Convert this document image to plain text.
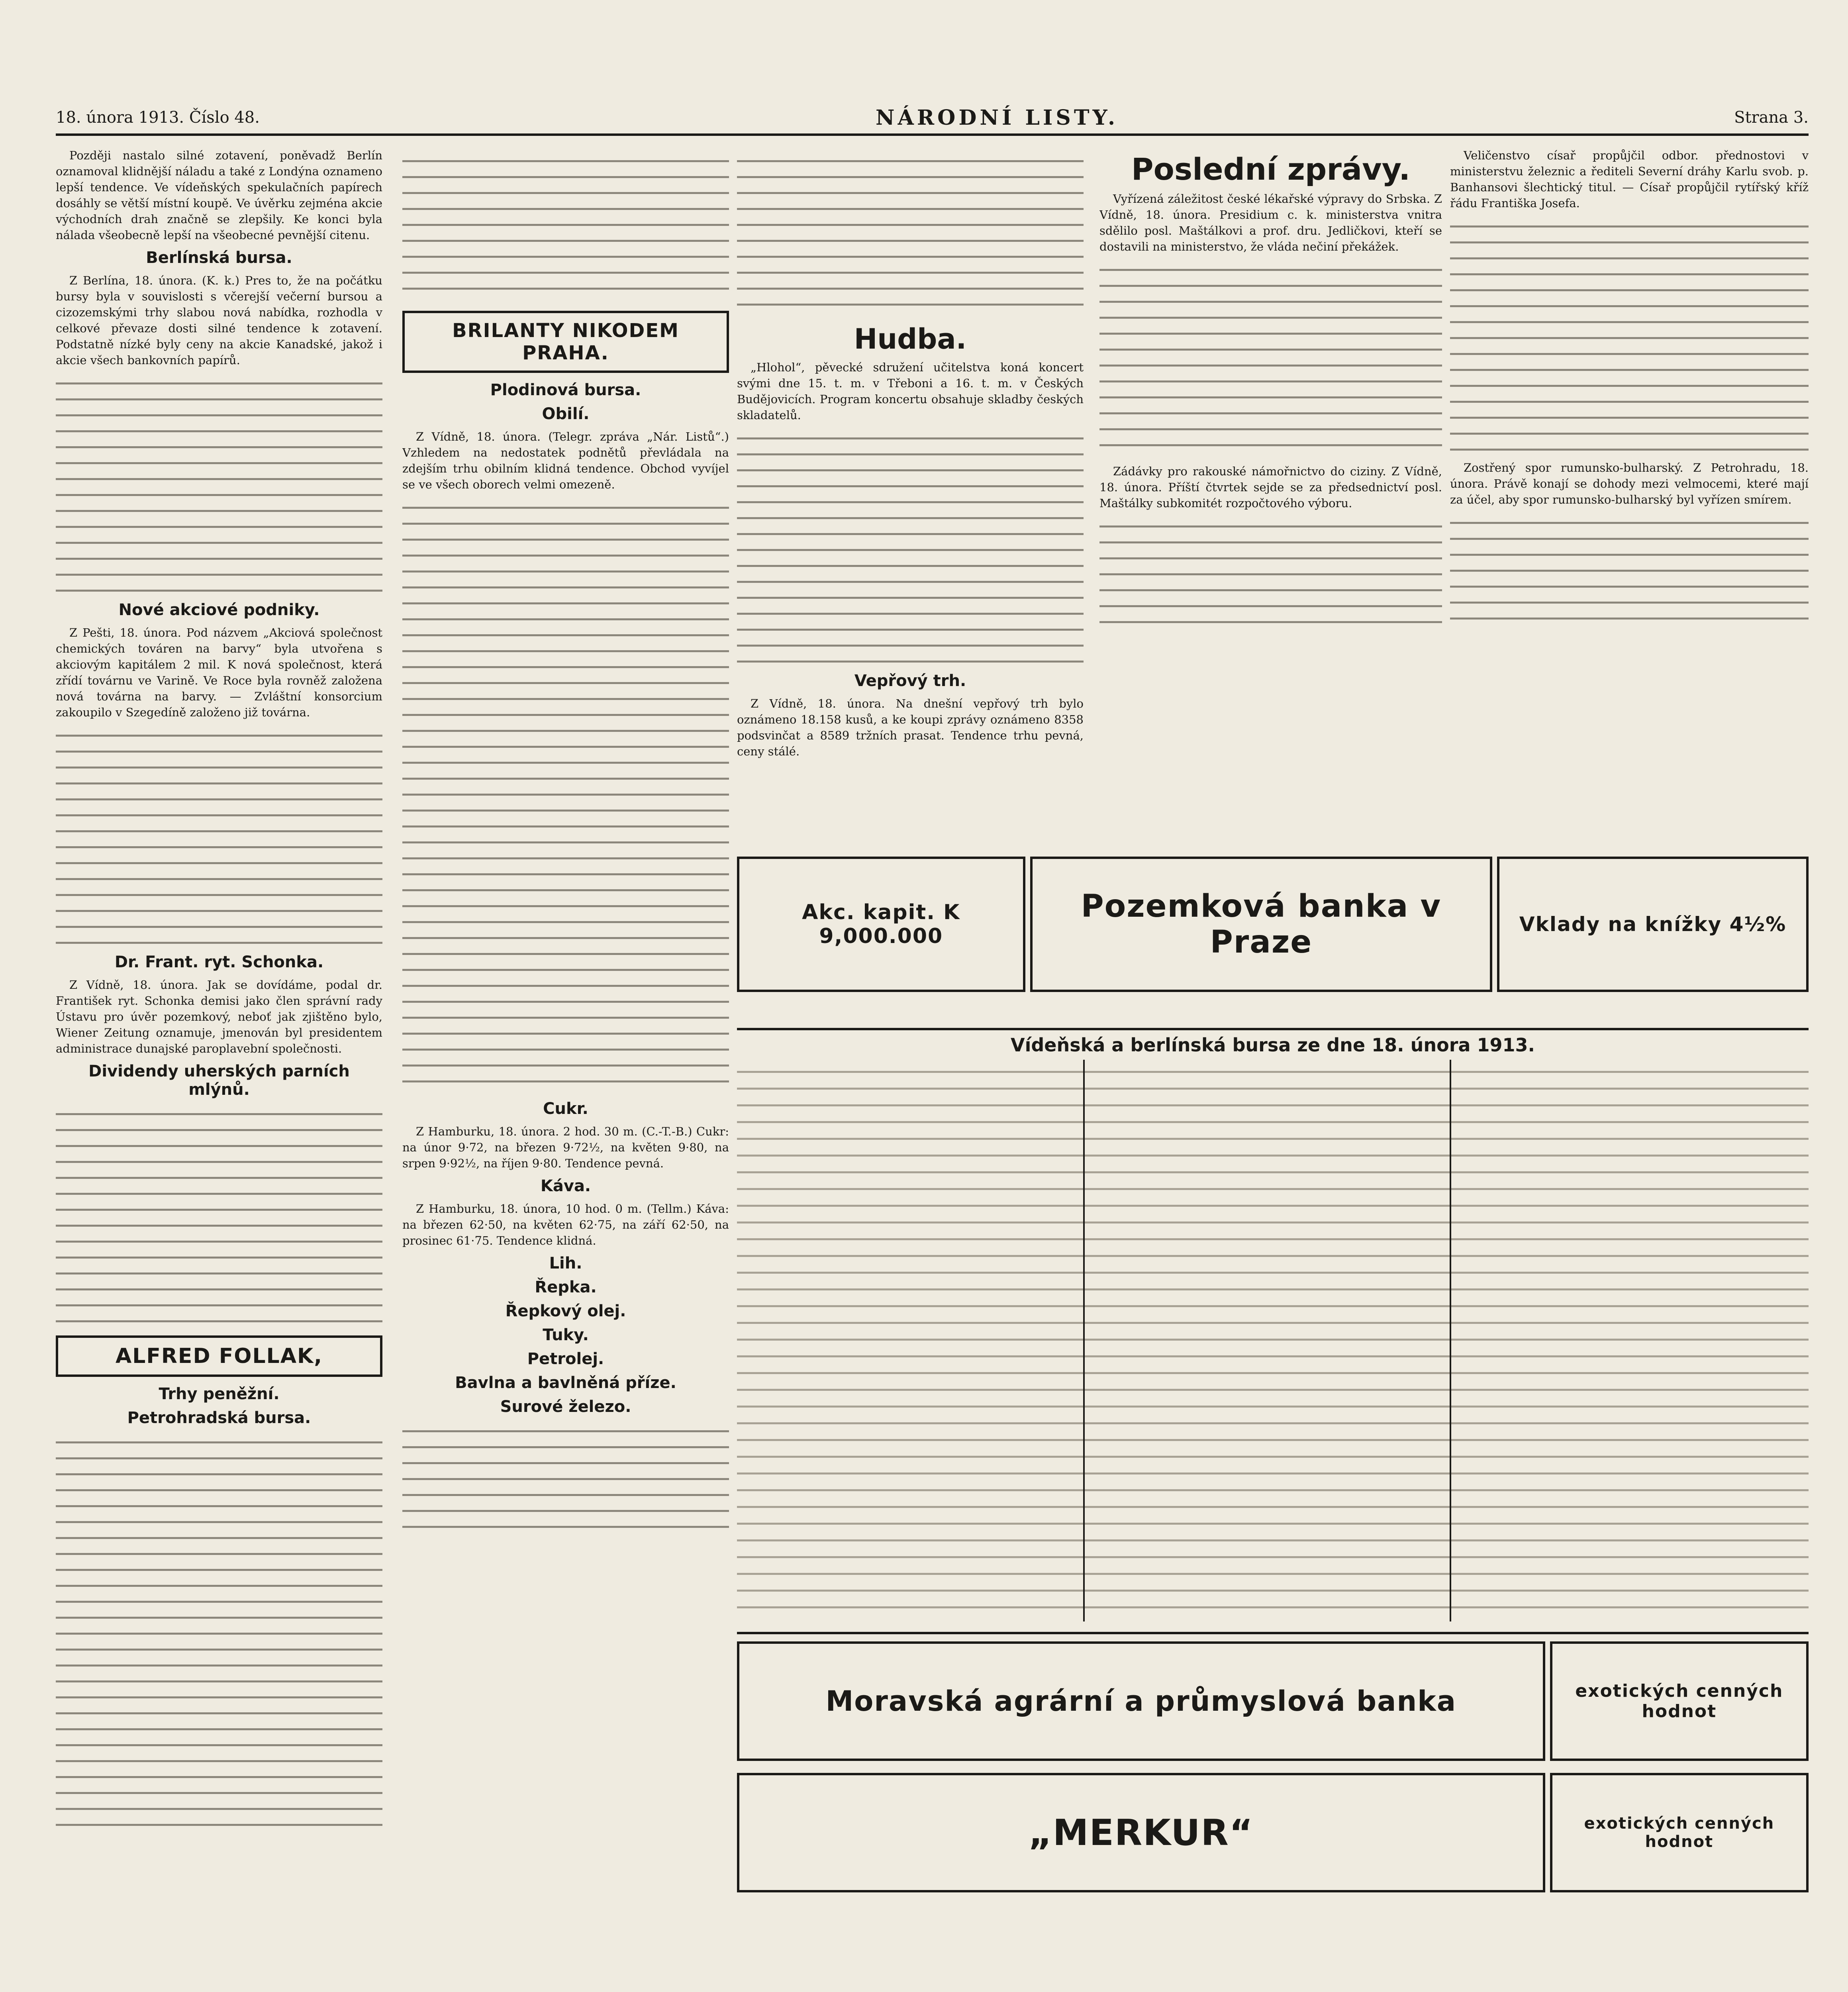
18. února 1913. Číslo 48.	NÁRODNÍ LISTY.	Strana 3.

Později nastalo silné zotavení, poněvadž Berlín oznamoval klidnější náladu a také z Londýna oznameno lepší tendence. Ve vídeňských spekulačních papírech dosáhly se větší místní koupě. Ve úvěrku zejména akcie východních drah značně se zlepšily. Ke konci byla nálada všeobecně lepší na všeobecné pevnější citenu.

Berlínská bursa.

Z Berlína, 18. února. (K. k.) Pres to, že na počátku bursy byla v souvislosti s včerejší večerní bursou a cizozemskými trhy slabou nová nabídka, rozhodla v celkové převaze dosti silné tendence k zotavení. Podstatně nízké byly ceny na akcie Kanadské, jakož i akcie všech bankovních papírů.

Nové akciové podniky.

Z Pešti, 18. února. Pod názvem „Akciová společnost chemických továren na barvy“ byla utvořena s akciovým kapitálem 2 mil. K nová společnost, která zřídí továrnu ve Varině. Ve Roce byla rovněž založena nová továrna na barvy. — Zvláštní konsorcium zakoupilo v Szegedíně založeno již továrna.

Dr. Frant. ryt. Schonka.

Z Vídně, 18. února. Jak se dovídáme, podal dr. František ryt. Schonka demisi jako člen správní rady Ústavu pro úvěr pozemkový, neboť jak zjištěno bylo, Wiener Zeitung oznamuje, jmenován byl presidentem administrace dunajské paroplavební společnosti.

Dividendy uherských parních mlýnů.
ALFRED FOLLAK,
Trhy peněžní.
Petrohradská bursa.
BRILANTY NIKODEM PRAHA.
Plodinová bursa.
Obilí.

Z Vídně, 18. února. (Telegr. zpráva „Nár. Listů“.) Vzhledem na nedostatek podnětů převládala na zdejším trhu obilním klidná tendence. Obchod vyvíjel se ve všech oborech velmi omezeně.

Cukr.

Z Hamburku, 18. února. 2 hod. 30 m. (C.-T.-B.) Cukr: na únor 9·72, na březen 9·72½, na květen 9·80, na srpen 9·92½, na říjen 9·80. Tendence pevná.

Káva.

Z Hamburku, 18. února, 10 hod. 0 m. (Tellm.) Káva: na březen 62·50, na květen 62·75, na září 62·50, na prosinec 61·75. Tendence klidná.

Lih.
Řepka.
Řepkový olej.
Tuky.
Petrolej.
Bavlna a bavlněná příze.
Surové železo.
Hudba.

„Hlohol“, pěvecké sdružení učitelstva koná koncert svými dne 15. t. m. v Třeboni a 16. t. m. v Českých Budějovicích. Program koncertu obsahuje skladby českých skladatelů.

Vepřový trh.

Z Vídně, 18. února. Na dnešní vepřový trh bylo oznámeno 18.158 kusů, a ke koupi zprávy oznámeno 8358 podsvinčat a 8589 tržních prasat. Tendence trhu pevná, ceny stálé.

Poslední zprávy.

Vyřízená záležitost české lékařské výpravy do Srbska. Z Vídně, 18. února. Presidium c. k. ministerstva vnitra sdělilo posl. Maštálkovi a prof. dru. Jedličkovi, kteří se dostavili na ministerstvo, že vláda nečiní překážek.

Zádávky pro rakouské námořnictvo do ciziny. Z Vídně, 18. února. Příští čtvrtek sejde se za předsednictví posl. Maštálky subkomitét rozpočtového výboru.

Veličenstvo císař propůjčil odbor. přednostovi v ministerstvu železnic a řediteli Severní dráhy Karlu svob. p. Banhansovi šlechtický titul. — Císař propůjčil rytířský kříž řádu Františka Josefa.

Zostřený spor rumunsko-bulharský. Z Petrohradu, 18. února. Právě konají se dohody mezi velmocemi, které mají za účel, aby spor rumunsko-bulharský byl vyřízen smírem.

Akc. kapit. K 9,000.000
Pozemková banka v Praze	Vklady na knížky 4½%
Vídeňská a berlínská bursa ze dne 18. února 1913.
Moravská agrární a průmyslová banka	exotických cenných hodnot
„MERKUR“	exotických cenných hodnot
